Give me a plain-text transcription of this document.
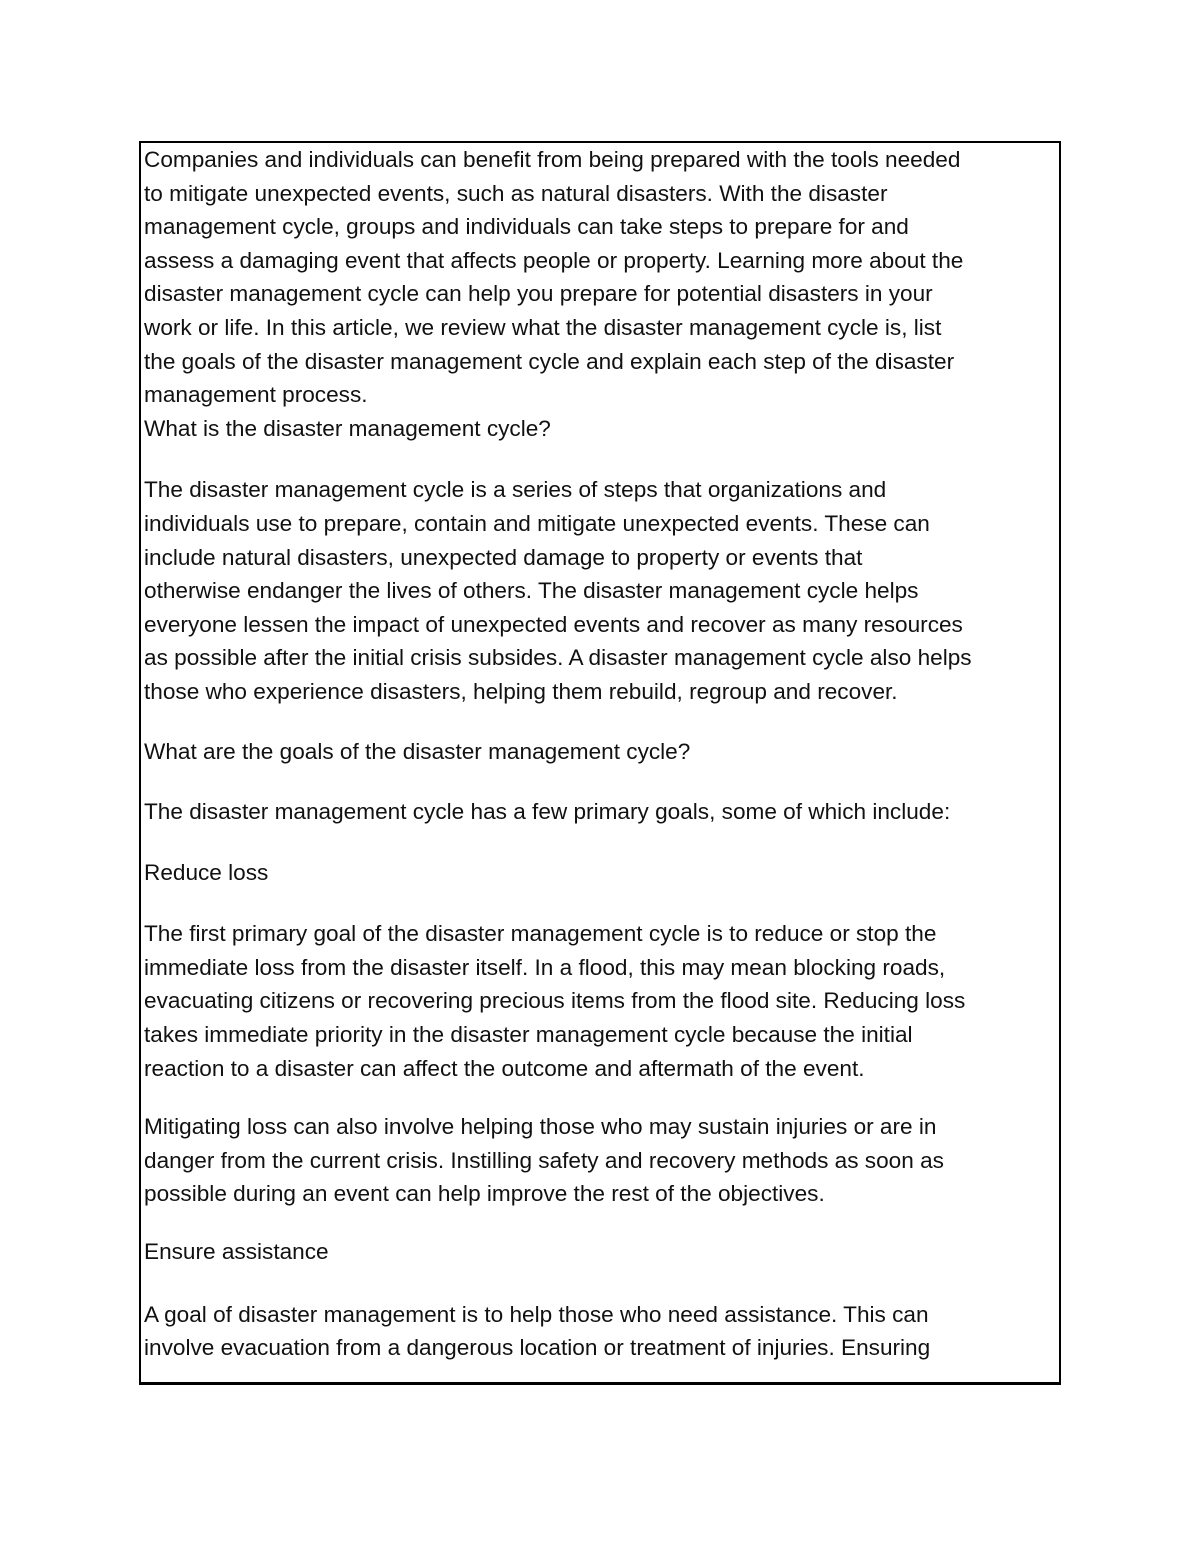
Companies and individuals can benefit from being prepared with the tools needed
to mitigate unexpected events, such as natural disasters. With the disaster
management cycle, groups and individuals can take steps to prepare for and
assess a damaging event that affects people or property. Learning more about the
disaster management cycle can help you prepare for potential disasters in your
work or life. In this article, we review what the disaster management cycle is, list
the goals of the disaster management cycle and explain each step of the disaster
management process.

What is the disaster management cycle?

The disaster management cycle is a series of steps that organizations and
individuals use to prepare, contain and mitigate unexpected events. These can
include natural disasters, unexpected damage to property or events that
otherwise endanger the lives of others. The disaster management cycle helps
everyone lessen the impact of unexpected events and recover as many resources
as possible after the initial crisis subsides. A disaster management cycle also helps
those who experience disasters, helping them rebuild, regroup and recover.

What are the goals of the disaster management cycle?

The disaster management cycle has a few primary goals, some of which include:

Reduce loss

The first primary goal of the disaster management cycle is to reduce or stop the
immediate loss from the disaster itself. In a flood, this may mean blocking roads,
evacuating citizens or recovering precious items from the flood site. Reducing loss
takes immediate priority in the disaster management cycle because the initial
reaction to a disaster can affect the outcome and aftermath of the event.

Mitigating loss can also involve helping those who may sustain injuries or are in
danger from the current crisis. Instilling safety and recovery methods as soon as
possible during an event can help improve the rest of the objectives.

Ensure assistance

A goal of disaster management is to help those who need assistance. This can
involve evacuation from a dangerous location or treatment of injuries. Ensuring
